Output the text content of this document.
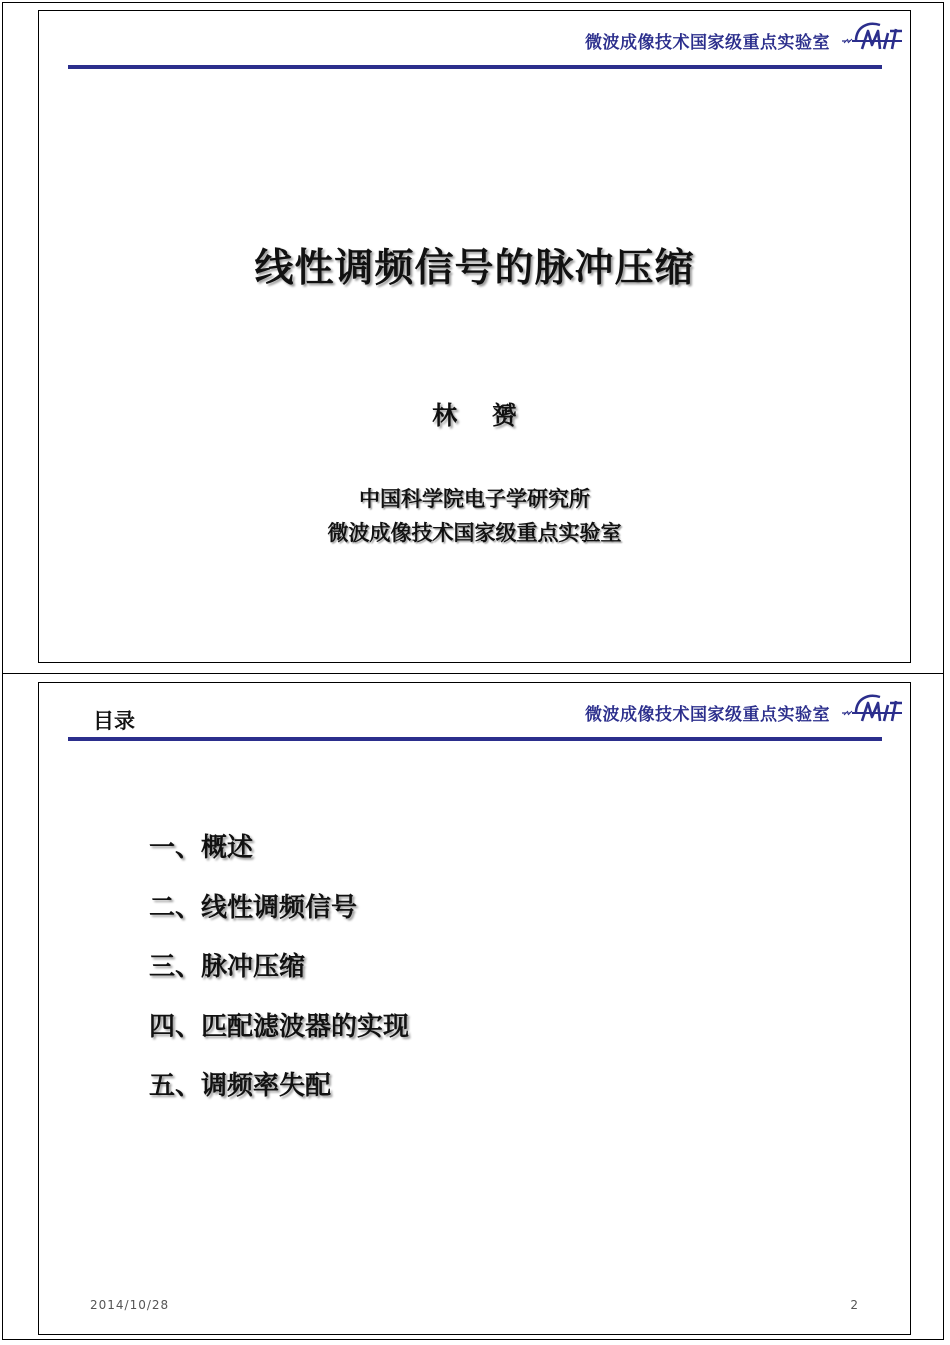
微波成像技术国家级重点实验室
线性调频信号的脉冲压缩
林    赟
中国科学院电子学研究所
微波成像技术国家级重点实验室
目录	微波成像技术国家级重点实验室
一、概述
二、线性调频信号
三、脉冲压缩
四、匹配滤波器的实现
五、调频率失配
2014/10/28	2
